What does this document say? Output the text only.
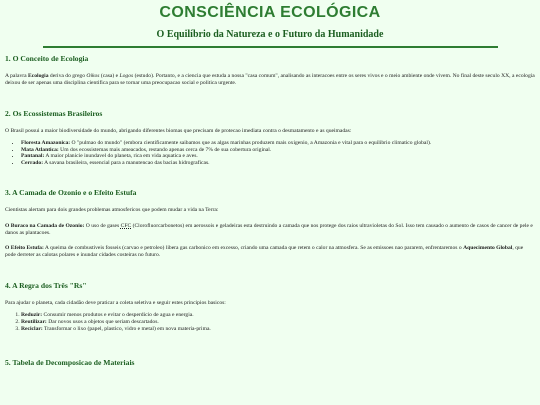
CONSCIÊNCIA ECOLÓGICA
O Equilíbrio da Natureza e o Futuro da Humanidade
1. O Conceito de Ecologia

A palavra Ecologia deriva do grego Oikos (casa) e Logos (estudo). Portanto, e a ciencia que estuda a nossa "casa comum", analisando as interacoes entre os seres vivos e o meio ambiente onde vivem. No final deste seculo XX, a ecologia deixou de ser apenas uma disciplina cientifica para se tornar uma preocupacao social e politica urgente.

2. Os Ecossistemas Brasileiros

O Brasil possui a maior biodiversidade do mundo, abrigando diferentes biomas que precisam de protecao imediata contra o desmatamento e as queimadas:

• Floresta Amazonica: O "pulmao do mundo" (embora cientificamente saibamos que as algas marinhas produzem mais oxigenio, a Amazonia e vital para o equilibrio climatico global).
• Mata Atlantica: Um dos ecossistemas mais ameacados, restando apenas cerca de 7% de sua cobertura original.
• Pantanal: A maior planicie inundavel do planeta, rica em vida aquatica e aves.
• Cerrado: A savana brasileira, essencial para a manutencao das bacias hidrograficas.
3. A Camada de Ozonio e o Efeito Estufa

Cientistas alertam para dois grandes problemas atmosfericos que podem mudar a vida na Terra:

O Buraco na Camada de Ozonio: O uso de gases CFC (Clorofluorcarbonetos) em aerossois e geladeiras esta destruindo a camada que nos protege dos raios ultravioletas do Sol. Isso tem causado o aumento de casos de cancer de pele e danos as plantacoes.

O Efeito Estufa: A queima de combustiveis fosseis (carvao e petroleo) libera gas carbonico em excesso, criando uma camada que retem o calor na atmosfera. Se as emissoes nao pararem, enfrentaremos o Aquecimento Global, que pode derreter as calotas polares e inundar cidades costeiras no futuro.

4. A Regra dos Três "Rs"

Para ajudar o planeta, cada cidadão deve praticar a coleta seletiva e seguir estes principios basicos:

1. Reduzir: Consumir menos produtos e evitar o desperdicio de agua e energia.
2. Reutilizar: Dar novos usos a objetos que seriam descartados.
3. Reciclar: Transformar o lixo (papel, plastico, vidro e metal) em nova materia-prima.
5. Tabela de Decomposicao de Materiais
